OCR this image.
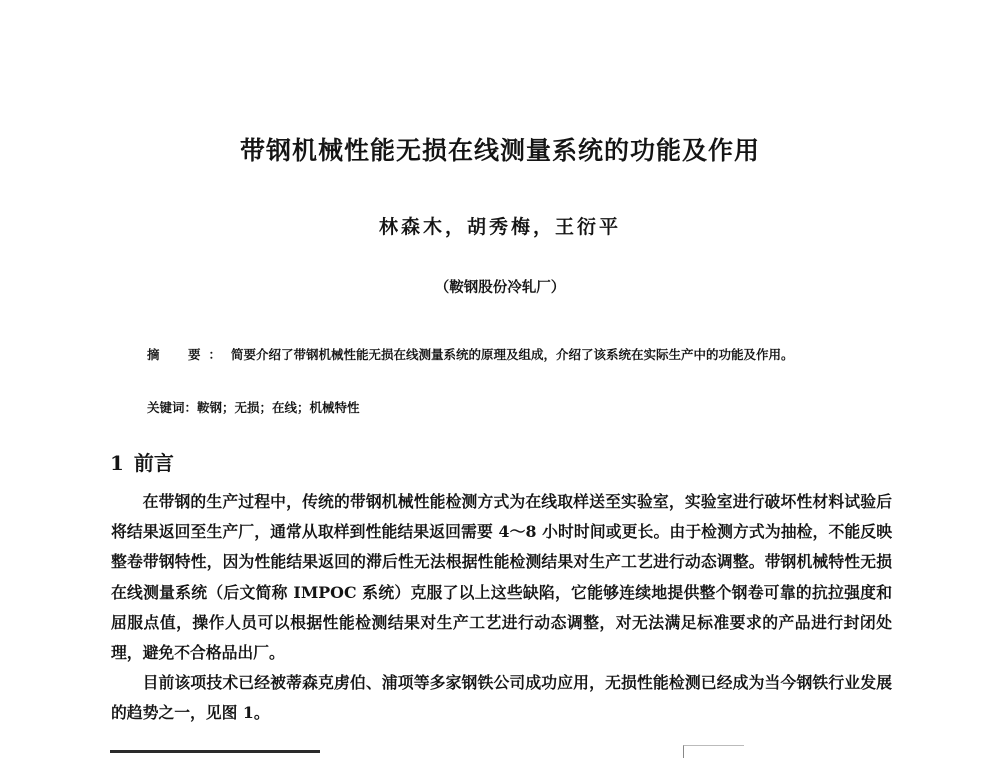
带钢机械性能无损在线测量系统的功能及作用
林森木，胡秀梅，王衍平
（鞍钢股份冷轧厂）
摘　要： 简要介绍了带钢机械性能无损在线测量系统的原理及组成，介绍了该系统在实际生产中的功能及作用。
关键词：鞍钢；无损；在线；机械特性
1 前言

在带钢的生产过程中，传统的带钢机械性能检测方式为在线取样送至实验室，实验室进行破坏性材料试验后将结果返回至生产厂，通常从取样到性能结果返回需要 4～8 小时时间或更长。由于检测方式为抽检，不能反映整卷带钢特性，因为性能结果返回的滞后性无法根据性能检测结果对生产工艺进行动态调整。带钢机械特性无损在线测量系统（后文简称 IMPOC 系统）克服了以上这些缺陷，它能够连续地提供整个钢卷可靠的抗拉强度和屈服点值，操作人员可以根据性能检测结果对生产工艺进行动态调整，对无法满足标准要求的产品进行封闭处理，避免不合格品出厂。

目前该项技术已经被蒂森克虏伯、浦项等多家钢铁公司成功应用，无损性能检测已经成为当今钢铁行业发展的趋势之一，见图 1。
